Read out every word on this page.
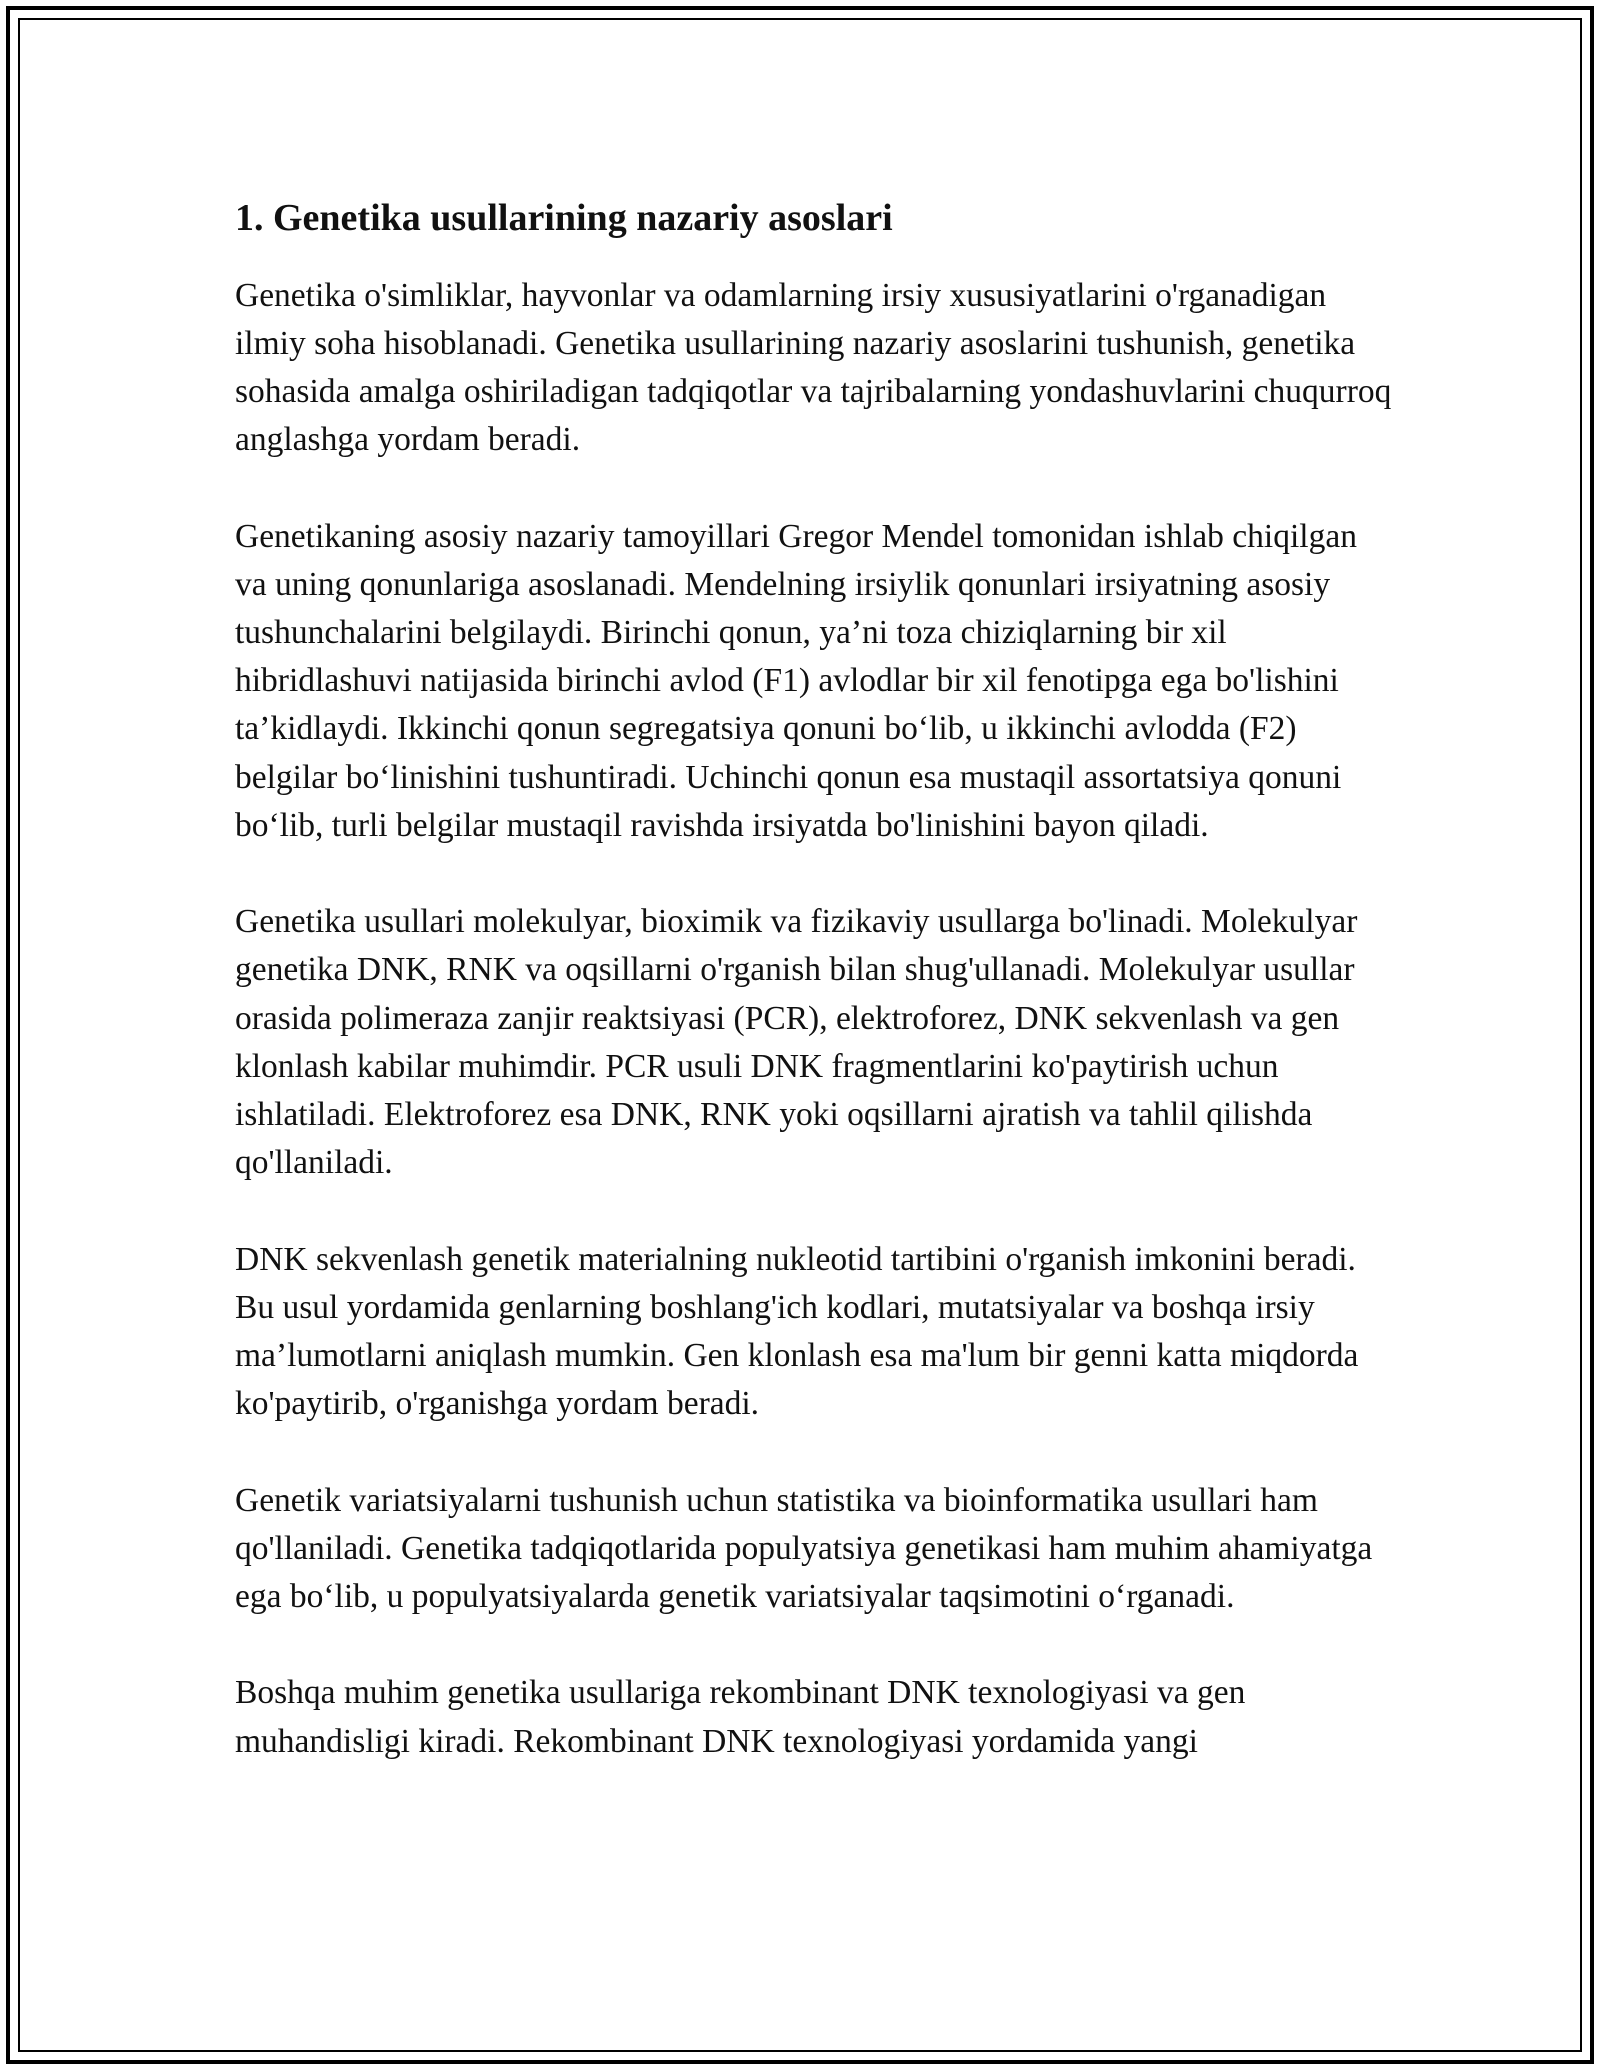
1. Genetika usullarining nazariy asoslari

Genetika o'simliklar, hayvonlar va odamlarning irsiy xususiyatlarini o'rganadigan ilmiy soha hisoblanadi. Genetika usullarining nazariy asoslarini tushunish, genetika sohasida amalga oshiriladigan tadqiqotlar va tajribalarning yondashuvlarini chuqurroq anglashga yordam beradi.

Genetikaning asosiy nazariy tamoyillari Gregor Mendel tomonidan ishlab chiqilgan va uning qonunlariga asoslanadi. Mendelning irsiylik qonunlari irsiyatning asosiy tushunchalarini belgilaydi. Birinchi qonun, ya’ni toza chiziqlarning bir xil hibridlashuvi natijasida birinchi avlod (F1) avlodlar bir xil fenotipga ega bo'lishini ta’kidlaydi. Ikkinchi qonun segregatsiya qonuni bo‘lib, u ikkinchi avlodda (F2) belgilar bo‘linishini tushuntiradi. Uchinchi qonun esa mustaqil assortatsiya qonuni bo‘lib, turli belgilar mustaqil ravishda irsiyatda bo'linishini bayon qiladi.

Genetika usullari molekulyar, bioximik va fizikaviy usullarga bo'linadi. Molekulyar genetika DNK, RNK va oqsillarni o'rganish bilan shug'ullanadi. Molekulyar usullar orasida polimeraza zanjir reaktsiyasi (PCR), elektroforez, DNK sekvenlash va gen klonlash kabilar muhimdir. PCR usuli DNK fragmentlarini ko'paytirish uchun ishlatiladi. Elektroforez esa DNK, RNK yoki oqsillarni ajratish va tahlil qilishda qo'llaniladi.

DNK sekvenlash genetik materialning nukleotid tartibini o'rganish imkonini beradi. Bu usul yordamida genlarning boshlang'ich kodlari, mutatsiyalar va boshqa irsiy ma’lumotlarni aniqlash mumkin. Gen klonlash esa ma'lum bir genni katta miqdorda ko'paytirib, o'rganishga yordam beradi.

Genetik variatsiyalarni tushunish uchun statistika va bioinformatika usullari ham qo'llaniladi. Genetika tadqiqotlarida populyatsiya genetikasi ham muhim ahamiyatga ega bo‘lib, u populyatsiyalarda genetik variatsiyalar taqsimotini o‘rganadi.

Boshqa muhim genetika usullariga rekombinant DNK texnologiyasi va gen muhandisligi kiradi. Rekombinant DNK texnologiyasi yordamida yangi
